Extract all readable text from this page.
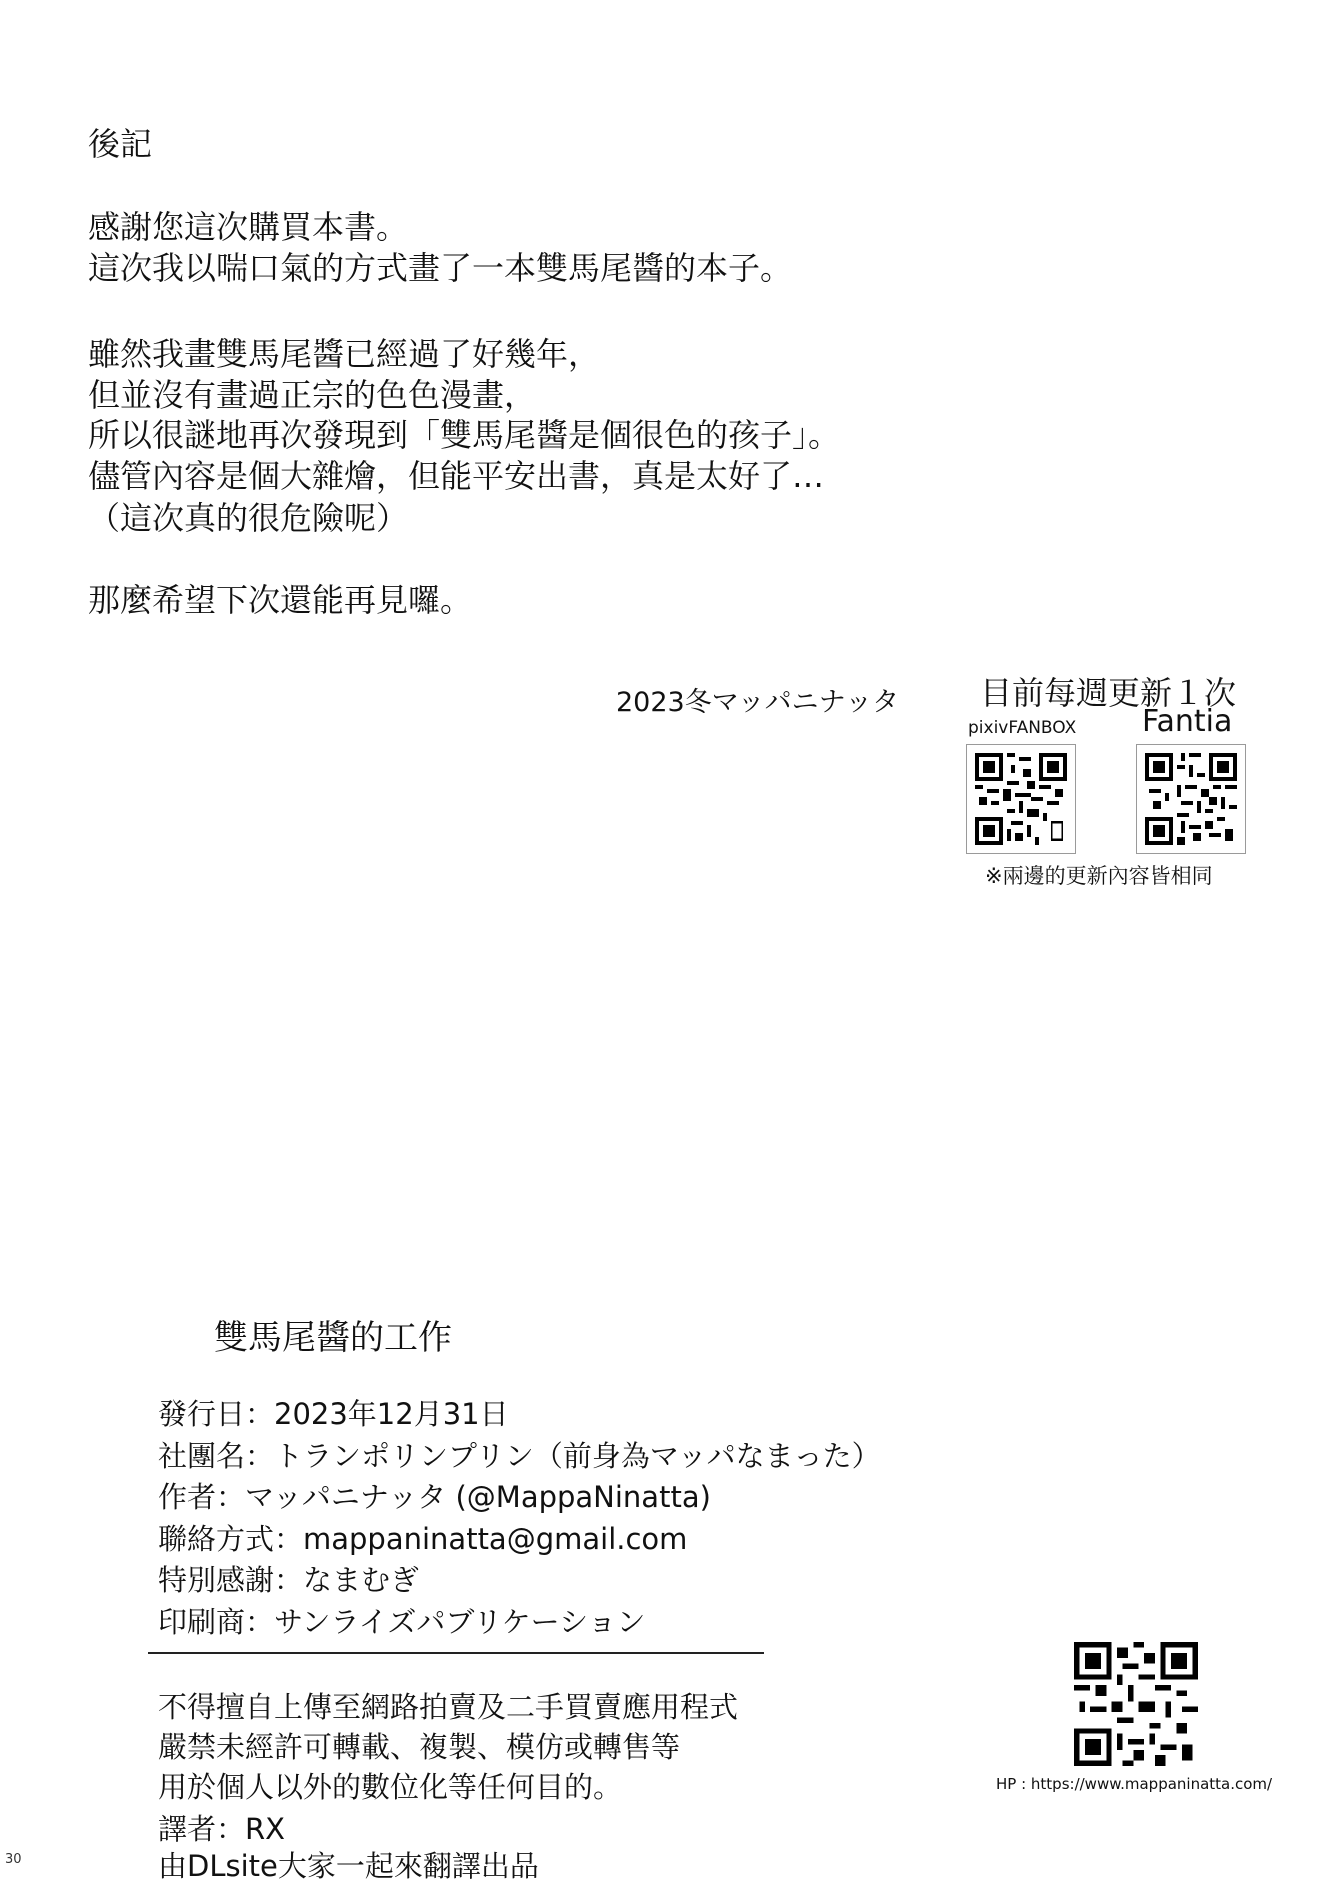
後記
感謝您這次購買本書。
這次我以喘口氣的方式畫了一本雙馬尾醬的本子。
雖然我畫雙馬尾醬已經過了好幾年，
但並沒有畫過正宗的色色漫畫，
所以很謎地再次發現到「雙馬尾醬是個很色的孩子」。
儘管內容是個大雜燴，但能平安出書，真是太好了…
（這次真的很危險呢）
那麼希望下次還能再見囉。
2023冬マッパニナッタ	目前每週更新１次
pixivFANBOX Fantia
※兩邊的更新內容皆相同
雙馬尾醬的工作
發行日：2023年12月31日
社團名：トランポリンプリン（前身為マッパなまった）
作者：マッパニナッタ (@MappaNinatta)
聯絡方式：mappaninatta@gmail.com
特別感謝：なまむぎ
印刷商：サンライズパブリケーション
不得擅自上傳至網路拍賣及二手買賣應用程式
嚴禁未經許可轉載、複製、模仿或轉售等
用於個人以外的數位化等任何目的。
譯者：RX
由DLsite大家一起來翻譯出品
HP : https://www.mappaninatta.com/
30
